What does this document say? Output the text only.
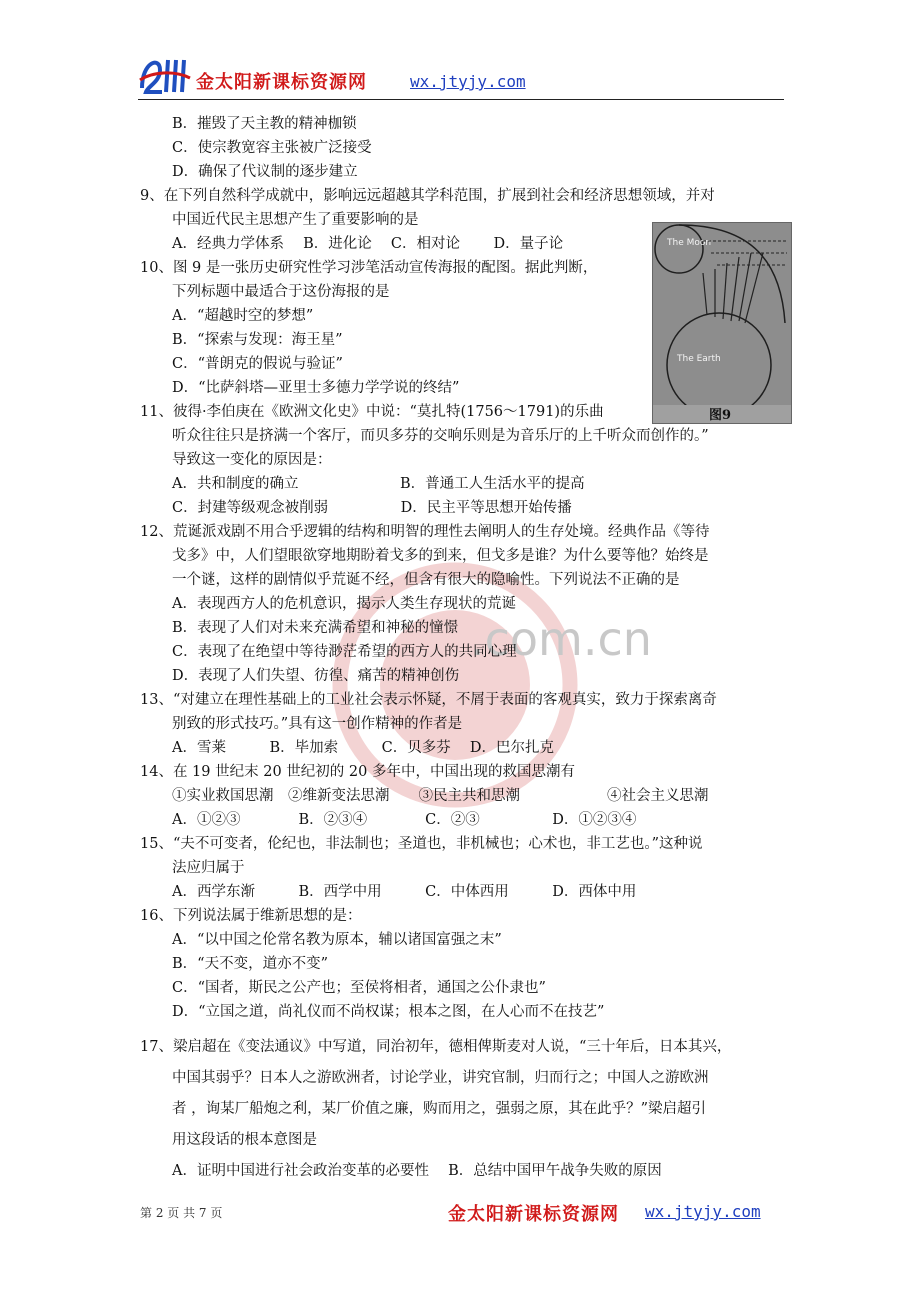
金太阳新课标资源网	wx.jtyjy.com
.com.cn
The Moon
The Earth
图9
B．摧毁了天主教的精神枷锁
C．使宗教宽容主张被广泛接受
D．确保了代议制的逐步建立
9、在下列自然科学成就中，影响远远超越其学科范围，扩展到社会和经济思想领域，并对
中国近代民主思想产生了重要影响的是
A．经典力学体系　 B．进化论　 C．相对论　　 D．量子论
10、图 9 是一张历史研究性学习涉笔活动宣传海报的配图。据此判断，
下列标题中最适合于这份海报的是
A．“超越时空的梦想”
B．“探索与发现：海王星”
C．“普朗克的假说与验证”
D．“比萨斜塔—亚里士多德力学学说的终结”
11、彼得·李伯庚在《欧洲文化史》中说：“莫扎特(1756～1791)的乐曲
听众往往只是挤满一个客厅，而贝多芬的交响乐则是为音乐厅的上千听众而创作的。”
导致这一变化的原因是：
A．共和制度的确立　　　　　　　B．普通工人生活水平的提高
C．封建等级观念被削弱　　　　　D．民主平等思想开始传播
12、荒诞派戏剧不用合乎逻辑的结构和明智的理性去阐明人的生存处境。经典作品《等待
戈多》中，人们望眼欲穿地期盼着戈多的到来，但戈多是谁？为什么要等他？始终是
一个谜，这样的剧情似乎荒诞不经，但含有很大的隐喻性。下列说法不正确的是
A．表现西方人的危机意识，揭示人类生存现状的荒诞
B．表现了人们对未来充满希望和神秘的憧憬
C．表现了在绝望中等待渺茫希望的西方人的共同心理
D．表现了人们失望、彷徨、痛苦的精神创伤
13、“对建立在理性基础上的工业社会表示怀疑，不屑于表面的客观真实，致力于探索离奇
别致的形式技巧。”具有这一创作精神的作者是
A．雪莱　　　B．毕加索　　　C．贝多芬　 D．巴尔扎克
14、在 19 世纪末 20 世纪初的 20 多年中，中国出现的救国思潮有
①实业救国思潮　②维新变法思潮　　③民主共和思潮　　　　　　④社会主义思潮
A．①②③　　　　B．②③④　　　　C．②③　　　　　D．①②③④
15、“夫不可变者，伦纪也，非法制也；圣道也，非机械也；心术也，非工艺也。”这种说
法应归属于
A．西学东渐　　　B．西学中用　　　C．中体西用　　　D．西体中用
16、下列说法属于维新思想的是：
A．“以中国之伦常名教为原本，辅以诸国富强之末”
B．“天不变，道亦不变”
C．“国者，斯民之公产也；至侯将相者，通国之公仆隶也”
D．“立国之道，尚礼仪而不尚权谋；根本之图，在人心而不在技艺”
17、梁启超在《变法通议》中写道，同治初年，德相俾斯麦对人说，“三十年后，日本其兴，
中国其弱乎？日本人之游欧洲者，讨论学业，讲究官制，归而行之；中国人之游欧洲
者 ，询某厂船炮之利，某厂价值之廉，购而用之，强弱之原，其在此乎？”梁启超引
用这段话的根本意图是
A．证明中国进行社会政治变革的必要性　 B．总结中国甲午战争失败的原因
第 2 页 共 7 页	金太阳新课标资源网 wx.jtyjy.com
